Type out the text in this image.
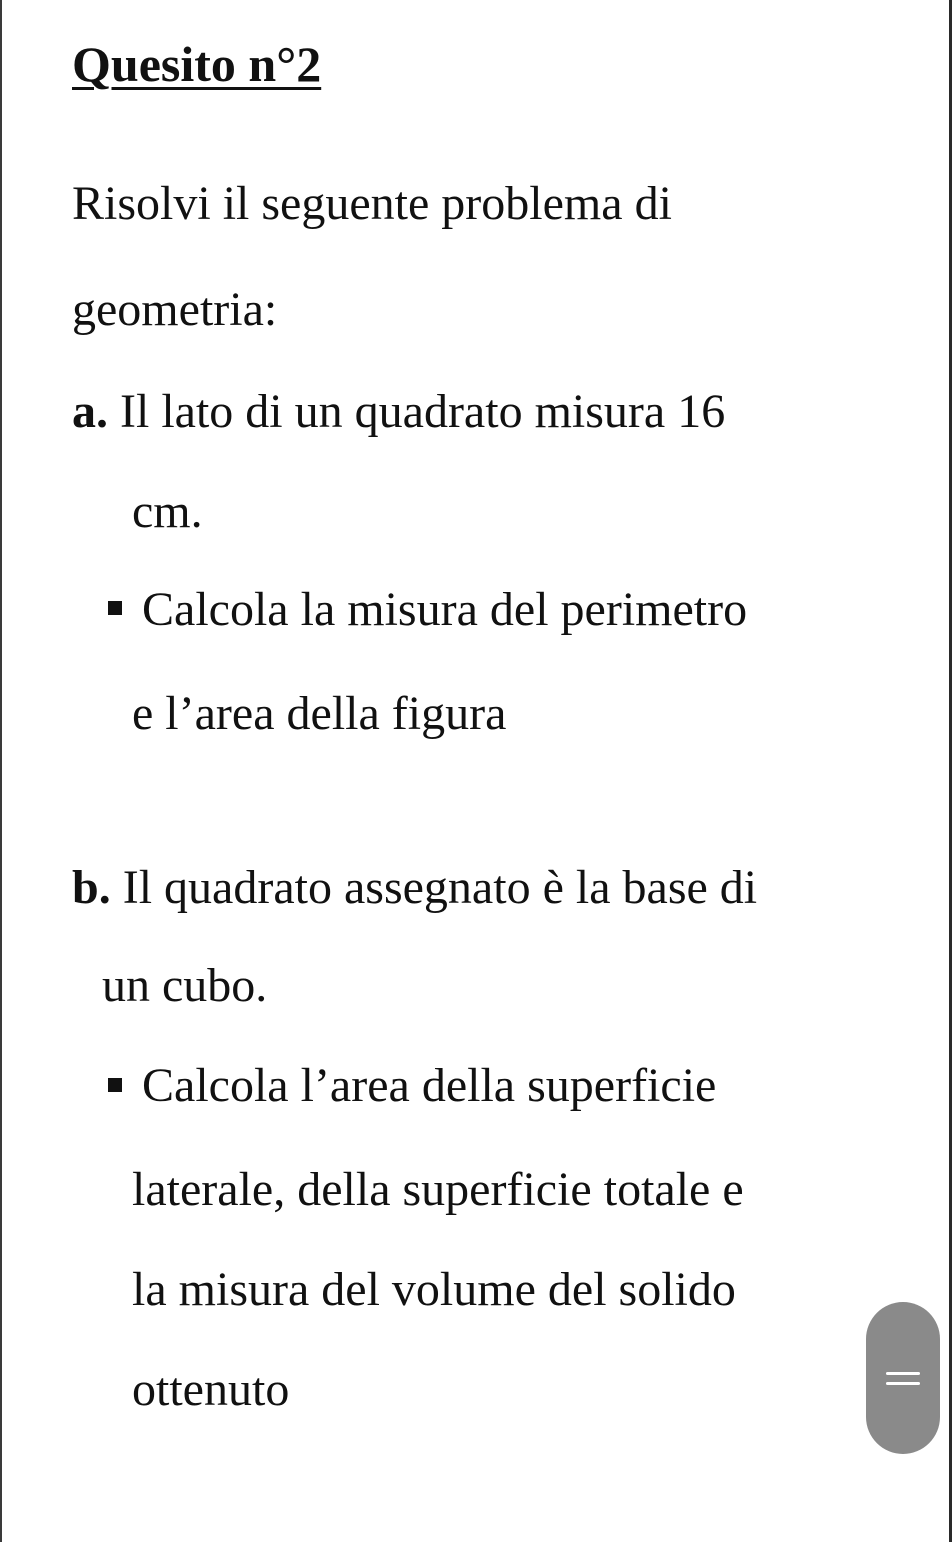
Quesito n°2
Risolvi il seguente problema di
geometria:
a. Il lato di un quadrato misura 16
cm.
Calcola la misura del perimetro
e l’area della figura
b. Il quadrato assegnato è la base di
un cubo.
Calcola l’area della superficie
laterale, della superficie totale e
la misura del volume del solido
ottenuto
